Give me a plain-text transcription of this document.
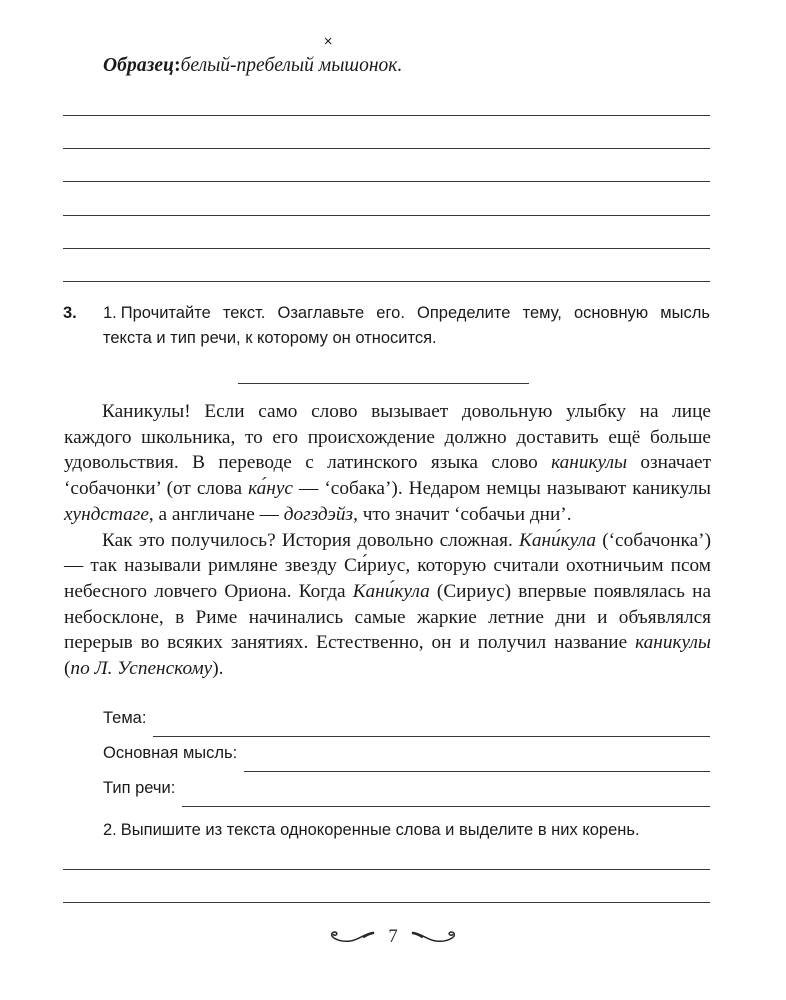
Образец:белый-пребелый
×
мышонок.
3. 1. Прочитайте текст. Озаглавьте его. Определите тему, основную мысль текста и тип речи, к которому он относится.

Каникулы! Если само слово вызывает довольную улыбку на лице каждого школьника, то его происхождение должно доставить ещё больше удовольствия. В переводе с латинского языка слово каникулы означает ‘собачонки’ (от слова ка́нус — ‘собака’). Недаром немцы называют каникулы хундстаге, а англичане — догздэйз, что значит ‘собачьи дни’.

Как это получилось? История довольно сложная. Кани́кула (‘собачонка’) — так называли римляне звезду Си́риус, которую считали охотничьим псом небесного ловчего Ориона. Когда Кани́кула (Сириус) впервые появлялась на небосклоне, в Риме начинались самые жаркие летние дни и объявлялся перерыв во всяких занятиях. Естественно, он и получил название каникулы (по Л. Успенскому).

Тема:
Основная мысль:
Тип речи:
2. Выпишите из текста однокоренные слова и выделите в них корень.
7
